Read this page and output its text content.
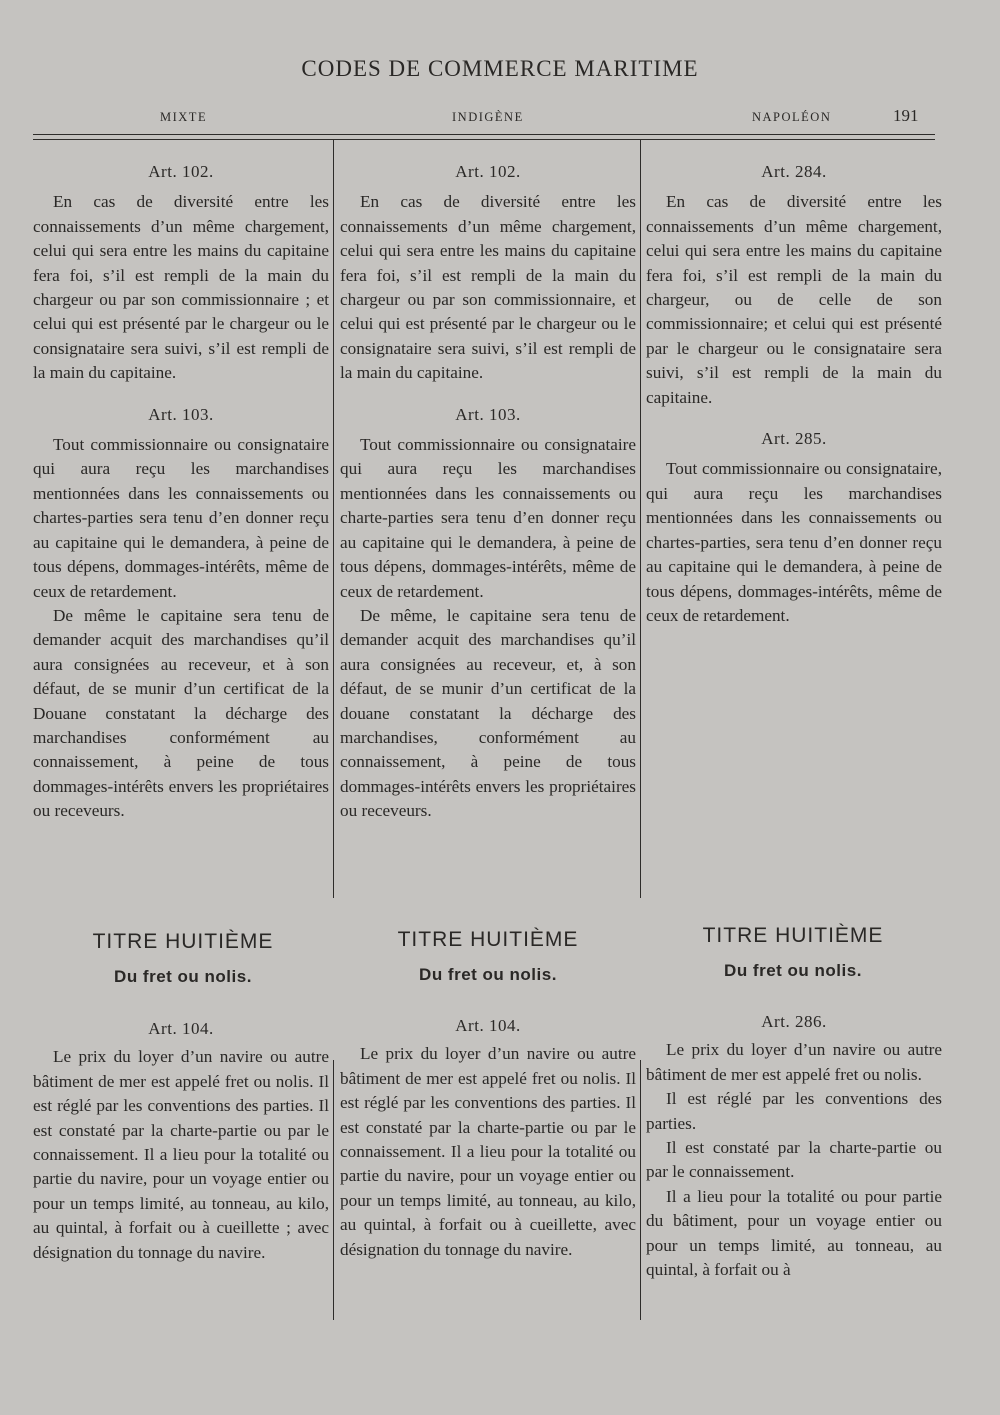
CODES DE COMMERCE MARITIME
MIXTE	INDIGÈNE	NAPOLÉON	191
Art. 102.

En cas de diversité entre les connaissements d’un même chargement, celui qui sera entre les mains du capitaine fera foi, s’il est rempli de la main du chargeur ou par son commissionnaire ; et celui qui est présenté par le chargeur ou le consignataire sera suivi, s’il est rempli de la main du capitaine.

Art. 103.

Tout commissionnaire ou consignataire qui aura reçu les marchandises mentionnées dans les connaissements ou chartes-parties sera tenu d’en donner reçu au capitaine qui le demandera, à peine de tous dépens, dommages-intérêts, même de ceux de retardement.

De même le capitaine sera tenu de demander acquit des marchandises qu’il aura consignées au receveur, et à son défaut, de se munir d’un certificat de la Douane constatant la décharge des marchandises conformément au connaissement, à peine de tous dommages-intérêts envers les propriétaires ou receveurs.

Art. 102.

En cas de diversité entre les connaissements d’un même chargement, celui qui sera entre les mains du capitaine fera foi, s’il est rempli de la main du chargeur ou par son commissionnaire, et celui qui est présenté par le chargeur ou le consignataire sera suivi, s’il est rempli de la main du capitaine.

Art. 103.

Tout commissionnaire ou consignataire qui aura reçu les marchandises mentionnées dans les connaissements ou charte-parties sera tenu d’en donner reçu au capitaine qui le demandera, à peine de tous dépens, dommages-intérêts, même de ceux de retardement.

De même, le capitaine sera tenu de demander acquit des marchandises qu’il aura consignées au receveur, et, à son défaut, de se munir d’un certificat de la douane constatant la décharge des marchandises, conformément au connaissement, à peine de tous dommages-intérêts envers les propriétaires ou receveurs.

Art. 284.

En cas de diversité entre les connaissements d’un même chargement, celui qui sera entre les mains du capitaine fera foi, s’il est rempli de la main du chargeur, ou de celle de son commissionnaire; et celui qui est présenté par le chargeur ou le consignataire sera suivi, s’il est rempli de la main du capitaine.

Art. 285.

Tout commissionnaire ou consignataire, qui aura reçu les marchandises mentionnées dans les connaissements ou chartes-parties, sera tenu d’en donner reçu au capitaine qui le demandera, à peine de tous dépens, dommages-intérêts, même de ceux de retardement.

TITRE HUITIÈME
Du fret ou nolis.
TITRE HUITIÈME
Du fret ou nolis.
TITRE HUITIÈME
Du fret ou nolis.
Art. 104.

Le prix du loyer d’un navire ou autre bâtiment de mer est appelé fret ou nolis. Il est réglé par les conventions des parties. Il est constaté par la charte-partie ou par le connaissement. Il a lieu pour la totalité ou partie du navire, pour un voyage entier ou pour un temps limité, au tonneau, au kilo, au quintal, à forfait ou à cueillette ; avec désignation du tonnage du navire.

Art. 104.

Le prix du loyer d’un navire ou autre bâtiment de mer est appelé fret ou nolis. Il est réglé par les conventions des parties. Il est constaté par la charte-partie ou par le connaissement. Il a lieu pour la totalité ou partie du navire, pour un voyage entier ou pour un temps limité, au tonneau, au kilo, au quintal, à forfait ou à cueillette, avec désignation du tonnage du navire.

Art. 286.

Le prix du loyer d’un navire ou autre bâtiment de mer est appelé fret ou nolis.

Il est réglé par les conventions des parties.

Il est constaté par la charte-partie ou par le connaissement.

Il a lieu pour la totalité ou pour partie du bâtiment, pour un voyage entier ou pour un temps limité, au tonneau, au quintal, à forfait ou à
